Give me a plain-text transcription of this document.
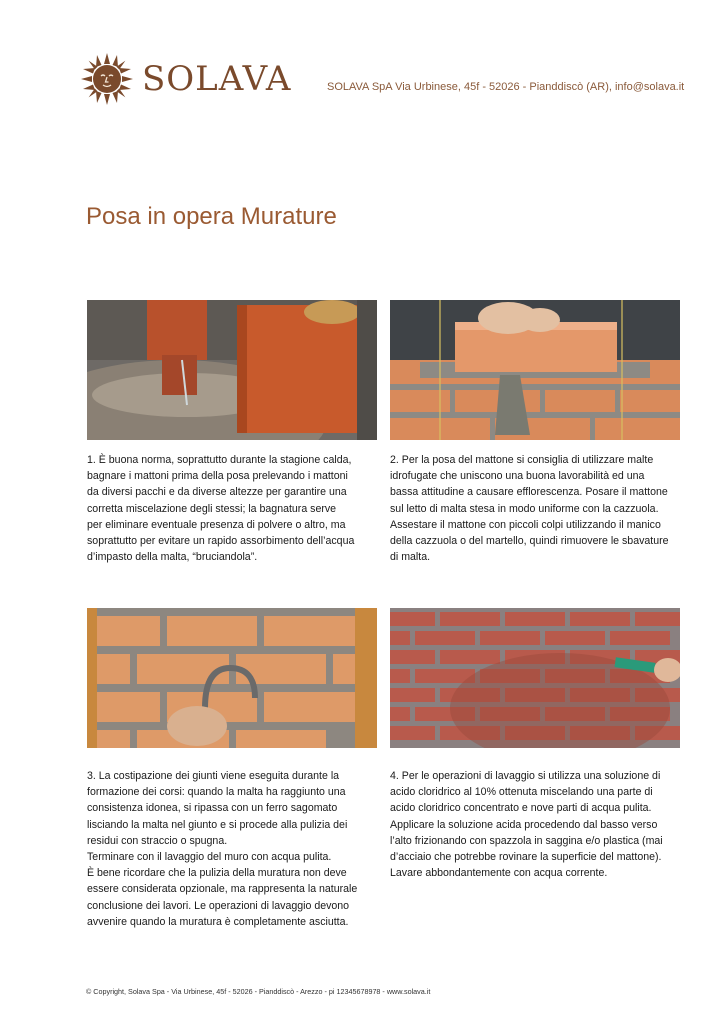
SOLAVA	SOLAVA SpA Via Urbinese, 45f - 52026 - Pianddiscò (AR), info@solava.it
Posa in opera Murature

1. È buona norma, soprattutto durante la stagione calda,
bagnare i mattoni prima della posa prelevando i mattoni
da diversi pacchi e da diverse altezze per garantire una
corretta miscelazione degli stessi; la bagnatura serve
per eliminare eventuale presenza di polvere o altro, ma
soprattutto per evitare un rapido assorbimento dell’acqua
d’impasto della malta, “bruciandola”.

2. Per la posa del mattone si consiglia di utilizzare malte
idrofugate che uniscono una buona lavorabilità ed una
bassa attitudine a causare efflorescenza. Posare il mattone
sul letto di malta stesa in modo uniforme con la cazzuola.
Assestare il mattone con piccoli colpi utilizzando il manico
della cazzuola o del martello, quindi rimuovere le sbavature
di malta.

3. La costipazione dei giunti viene eseguita durante la
formazione dei corsi: quando la malta ha raggiunto una
consistenza idonea, si ripassa con un ferro sagomato
lisciando la malta nel giunto e si procede alla pulizia dei
residui con straccio o spugna.
Terminare con il lavaggio del muro con acqua pulita.
È bene ricordare che la pulizia della muratura non deve
essere considerata opzionale, ma rappresenta la naturale
conclusione dei lavori. Le operazioni di lavaggio devono
avvenire quando la muratura è completamente asciutta.

4. Per le operazioni di lavaggio si utilizza una soluzione di
acido cloridrico al 10% ottenuta miscelando una parte di
acido cloridrico concentrato e nove parti di acqua pulita.
Applicare la soluzione acida procedendo dal basso verso
l’alto frizionando con spazzola in saggina e/o plastica (mai
d’acciaio che potrebbe rovinare la superficie del mattone).
Lavare abbondantemente con acqua corrente.

© Copyright, Solava Spa - Via Urbinese, 45f - 52026 - Pianddiscò - Arezzo - pi 12345678978 - www.solava.it
